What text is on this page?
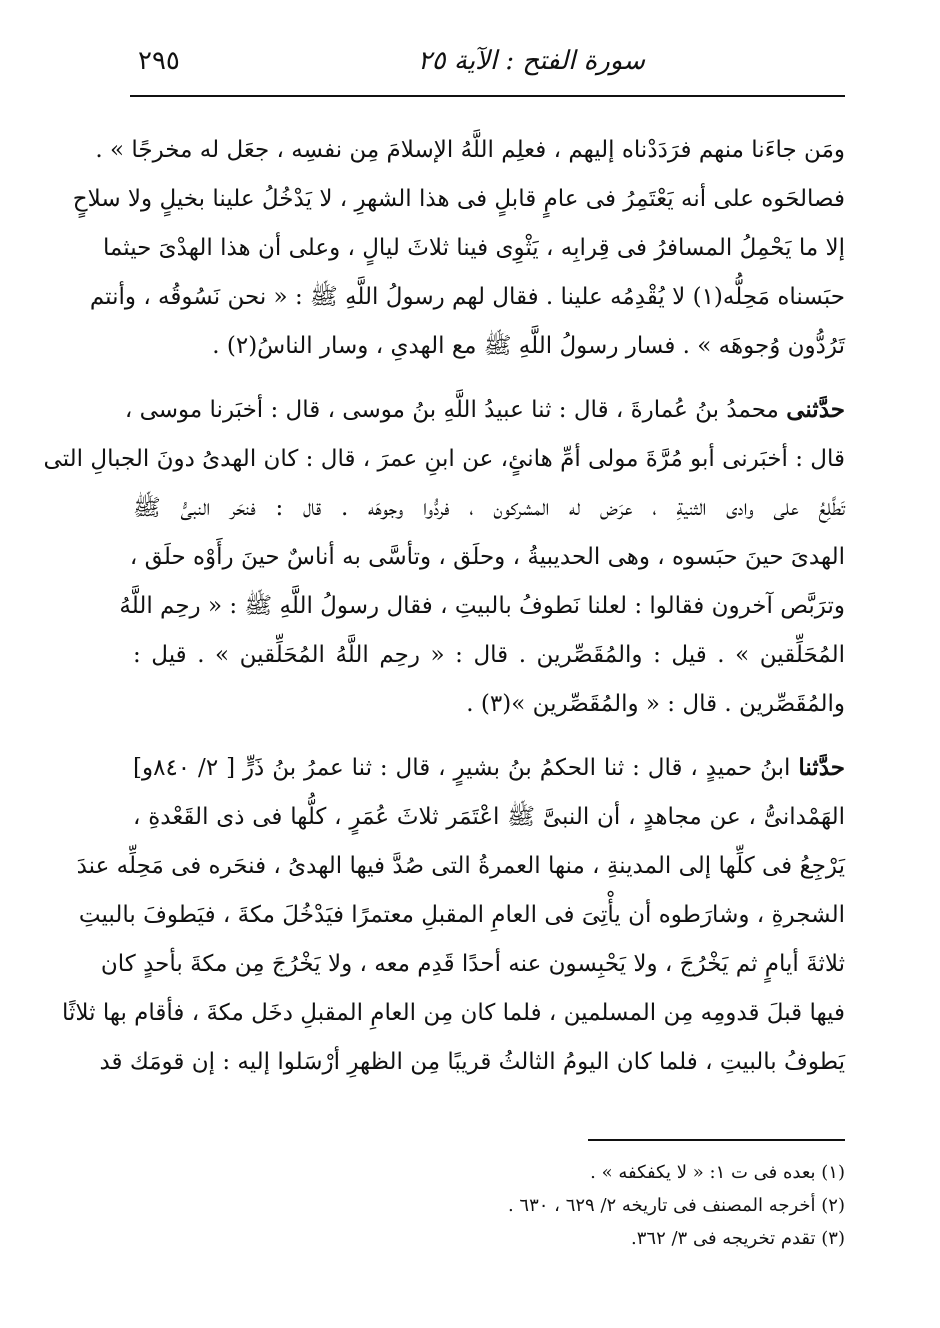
سورة الفتح : الآية ٢٥
٢٩٥
ومَن جاءَنا منهم فرَدَدْناه إليهم ، فعلِم اللَّهُ الإسلامَ مِن نفسِه ، جعَل له مخرجًا » .
فصالحَوه على أنه يَعْتَمِرُ فى عامٍ قابلٍ فى هذا الشهرِ ، لا يَدْخُلُ علينا بخيلٍ ولا سلاحٍ
إلا ما يَحْمِلُ المسافرُ فى قِرابِه ، يَثْوِى فينا ثلاثَ ليالٍ ، وعلى أن هذا الهدْىَ حيثما
حبَسناه مَحِلُّه(١) لا يُقْدِمُه علينا . فقال لهم رسولُ اللَّهِ ﷺ : « نحن نَسُوقُه ، وأنتم
تَرُدُّون وُجوهَه » . فسار رسولُ اللَّهِ ﷺ مع الهدىِ ، وسار الناسُ(٢) .
حدَّثنى محمدُ بنُ عُمارةَ ، قال : ثنا عبيدُ اللَّهِ بنُ موسى ، قال : أخبَرنا موسى ،
قال : أخبَرنى أبو مُرَّةَ مولى أمِّ هانئٍ، عن ابنِ عمرَ ، قال : كان الهدىُ دونَ الجبالِ التى
تَطَّلِعُ على وادى الثنيةِ ، عرَض له المشركون ، فردُّوا وجوهَه . قال : فنحَر النبىُّ ﷺ
الهدىَ حينَ حبَسوه ، وهى الحديبيةُ ، وحلَق ، وتأسَّى به أناسٌ حينَ رأَوْه حلَق ،
وترَبَّص آخرون فقالوا : لعلنا نَطوفُ بالبيتِ ، فقال رسولُ اللَّهِ ﷺ : « رحِم اللَّهُ
المُحَلِّقين » . قيل : والمُقَصِّرين . قال : « رحِم اللَّهُ المُحَلِّقين » . قيل :
والمُقَصِّرين . قال : « والمُقَصِّرين »(٣) .
حدَّثنا ابنُ حميدٍ ، قال : ثنا الحكمُ بنُ بشيرٍ ، قال : ثنا عمرُ بنُ ذَرٍّ [ ٢/ ٨٤٠و]
الهَمْدانىُّ ، عن مجاهدٍ ، أن النبىَّ ﷺ اعْتَمَر ثلاثَ عُمَرٍ ، كلُّها فى ذى القَعْدةِ ،
يَرْجِعُ فى كلِّها إلى المدينةِ ، منها العمرةُ التى صُدَّ فيها الهدىُ ، فنحَره فى مَحِلِّه عندَ
الشجرةِ ، وشارَطوه أن يأْتِىَ فى العامِ المقبلِ معتمرًا فيَدْخُلَ مكةَ ، فيَطوفَ بالبيتِ
ثلاثةَ أيامٍ ثم يَخْرُجَ ، ولا يَحْبِسون عنه أحدًا قَدِم معه ، ولا يَخْرُجَ مِن مكةَ بأحدٍ كان
فيها قبلَ قدومِه مِن المسلمين ، فلما كان مِن العامِ المقبلِ دخَل مكةَ ، فأقام بها ثلاثًا
يَطوفُ بالبيتِ ، فلما كان اليومُ الثالثُ قريبًا مِن الظهرِ أرْسَلوا إليه : إن قومَك قد
(١) بعده فى ت ١: « لا يكفكفه » .
(٢) أخرجه المصنف فى تاريخه ٢/ ٦٢٩ ، ٦٣٠ .
(٣) تقدم تخريجه فى ٣/ ٣٦٢.
